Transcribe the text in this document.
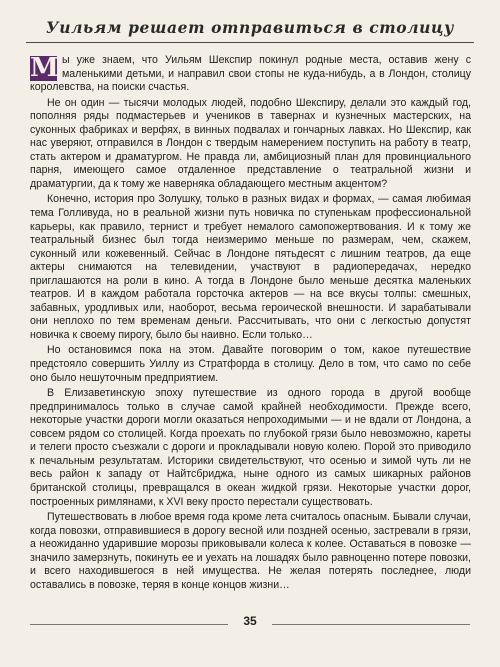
Уильям решает отправиться в столицу

М ы уже знаем, что Уильям Шекспир покинул родные места, оставив жену с маленькими детьми, и направил свои стопы не куда-нибудь, а в Лондон, столицу королевства, на поиски счастья.

Не он один — тысячи молодых людей, подобно Шекспиру, делали это каждый год, пополняя ряды подмастерьев и учеников в тавернах и кузнечных мастерских, на суконных фабриках и верфях, в винных подвалах и гончарных лавках. Но Шекспир, как нас уверяют, отправился в Лондон с твердым намерением поступить на работу в театр, стать актером и драматургом. Не правда ли, амбициозный план для провинциального парня, имеющего самое отдаленное представление о театральной жизни и драматургии, да к тому же наверняка обладающего местным акцентом?

Конечно, история про Золушку, только в разных видах и формах, — самая любимая тема Голливуда, но в реальной жизни путь новичка по ступенькам профессиональной карьеры, как правило, тернист и требует немалого самопожертвования. И к тому же театральный бизнес был тогда неизмеримо меньше по размерам, чем, скажем, суконный или кожевенный. Сейчас в Лондоне пятьдесят с лишним театров, да еще актеры снимаются на телевидении, участвуют в радиопередачах, нередко приглашаются на роли в кино. А тогда в Лондоне было меньше десятка маленьких театров. И в каждом работала горсточка актеров — на все вкусы толпы: смешных, забавных, уродливых или, наоборот, весьма героической внешности. И зарабатывали они неплохо по тем временам деньги. Рассчитывать, что они с легкостью допустят новичка к своему пирогу, было бы наивно. Если только…

Но остановимся пока на этом. Давайте поговорим о том, какое путешествие предстояло совершить Уиллу из Стратфорда в столицу. Дело в том, что само по себе оно было нешуточным предприятием.

В Елизаветинскую эпоху путешествие из одного города в другой вообще предпринималось только в случае самой крайней необходимости. Прежде всего, некоторые участки дороги могли оказаться непроходимыми — и не вдали от Лондона, а совсем рядом со столицей. Когда проехать по глубокой грязи было невозможно, кареты и телеги просто съезжали с дороги и прокладывали новую колею. Порой это приводило к печальным результатам. Историки свидетельствуют, что осенью и зимой чуть ли не весь район к западу от Найтсбриджа, ныне одного из самых шикарных районов британской столицы, превращался в океан жидкой грязи. Некоторые участки дорог, построенных римлянами, к XVI веку просто перестали существовать.

Путешествовать в любое время года кроме лета считалось опасным. Бывали случаи, когда повозки, отправившиеся в дорогу весной или поздней осенью, застревали в грязи, а неожиданно ударившие морозы приковывали колеса к колее. Оставаться в повозке — значило замерзнуть, покинуть ее и уехать на лошадях было равноценно потере повозки, и всего находившегося в ней имущества. Не желая потерять последнее, люди оставались в повозке, теряя в конце концов жизни…

35
